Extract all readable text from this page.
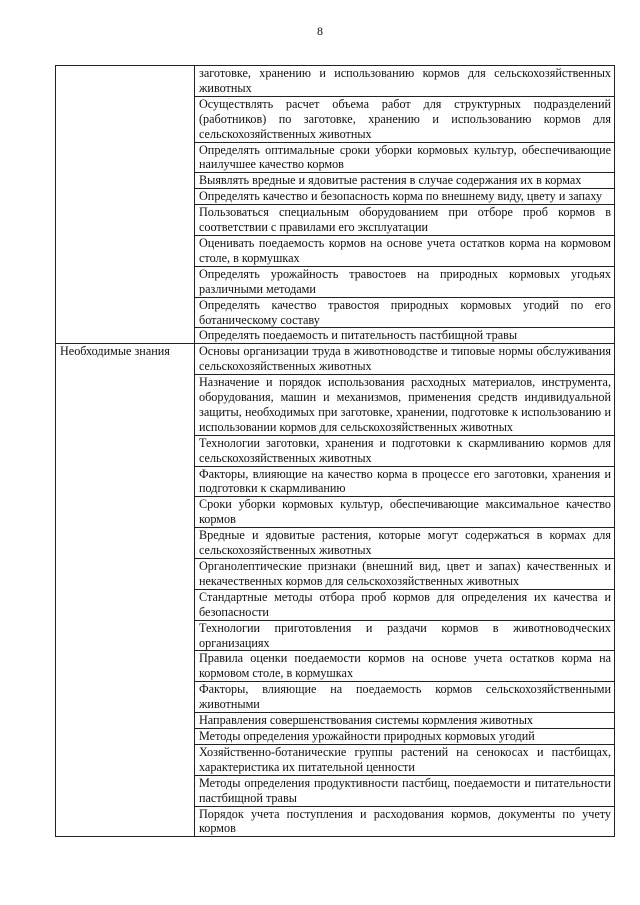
8
	заготовке, хранению и использованию кормов для сельскохозяйственных животных
	Осуществлять расчет объема работ для структурных подразделений (работников) по заготовке, хранению и использованию кормов для сельскохозяйственных животных
	Определять оптимальные сроки уборки кормовых культур, обеспечивающие наилучшее качество кормов
	Выявлять вредные и ядовитые растения в случае содержания их в кормах
	Определять качество и безопасность корма по внешнему виду, цвету и запаху
	Пользоваться специальным оборудованием при отборе проб кормов в соответствии с правилами его эксплуатации
	Оценивать поедаемость кормов на основе учета остатков корма на кормовом столе, в кормушках
	Определять урожайность травостоев на природных кормовых угодьях различными методами
	Определять качество травостоя природных кормовых угодий по его ботаническому составу
	Определять поедаемость и питательность пастбищной травы
Необходимые знания	Основы организации труда в животноводстве и типовые нормы обслуживания сельскохозяйственных животных
	Назначение и порядок использования расходных материалов, инструмента, оборудования, машин и механизмов, применения средств индивидуальной защиты, необходимых при заготовке, хранении, подготовке к использованию и использовании кормов для сельскохозяйственных животных
	Технологии заготовки, хранения и подготовки к скармливанию кормов для сельскохозяйственных животных
	Факторы, влияющие на качество корма в процессе его заготовки, хранения и подготовки к скармливанию
	Сроки уборки кормовых культур, обеспечивающие максимальное качество кормов
	Вредные и ядовитые растения, которые могут содержаться в кормах для сельскохозяйственных животных
	Органолептические признаки (внешний вид, цвет и запах) качественных и некачественных кормов для сельскохозяйственных животных
	Стандартные методы отбора проб кормов для определения их качества и безопасности
	Технологии приготовления и раздачи кормов в животноводческих организациях
	Правила оценки поедаемости кормов на основе учета остатков корма на кормовом столе, в кормушках
	Факторы, влияющие на поедаемость кормов сельскохозяйственными животными
	Направления совершенствования системы кормления животных
	Методы определения урожайности природных кормовых угодий
	Хозяйственно-ботанические группы растений на сенокосах и пастбищах, характеристика их питательной ценности
	Методы определения продуктивности пастбищ, поедаемости и питательности пастбищной травы
	Порядок учета поступления и расходования кормов, документы по учету кормов
